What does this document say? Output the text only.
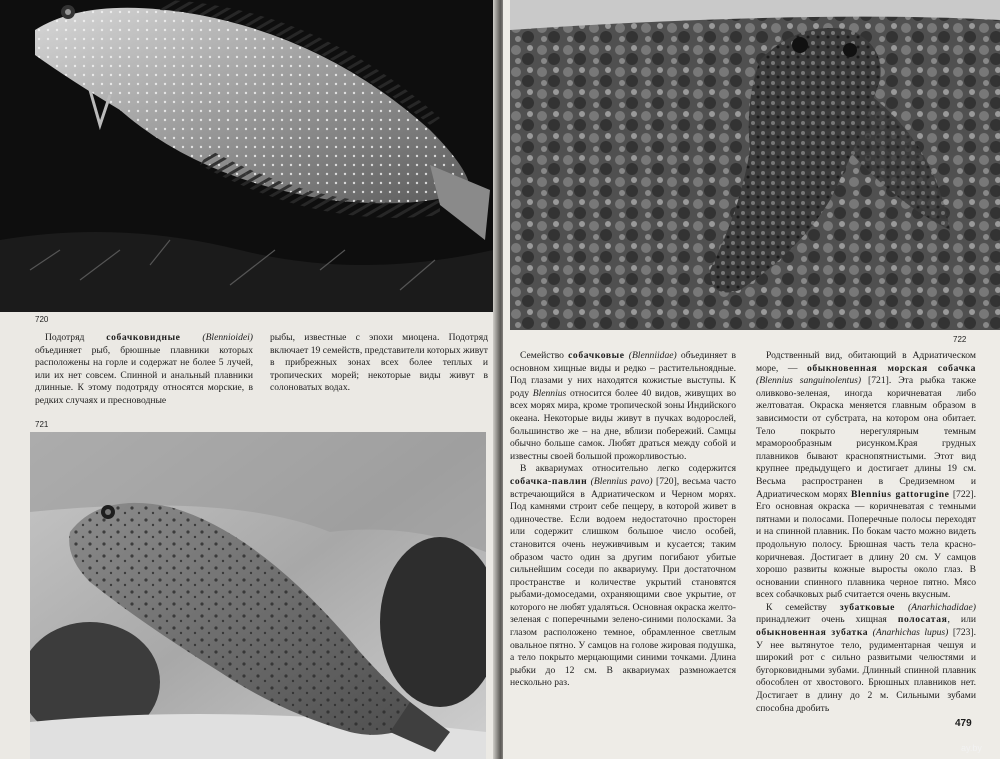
720

Подотряд собачковидные (Blennioidei) объединяет рыб, брюшные плавники которых расположены на горле и содержат не более 5 лучей, или их нет совсем. Спинной и анальный плавники длинные. К этому подотряду относятся морские, в редких случаях и пресноводные

рыбы, известные с эпохи миоцена. Подотряд включает 19 семейств, представители которых живут в прибрежных зонах всех более теплых и тропических морей; некоторые виды живут в солоноватых водах.

721
722

Семейство собачковые (Blenniidae) объединяет в основном хищные виды и редко – растительноядные. Под глазами у них находятся кожистые выступы. К роду Blennius относится более 40 видов, живущих во всех морях мира, кроме тропической зоны Индийского океана. Некоторые виды живут в пучках водорослей, большинство же – на дне, вблизи побережий. Самцы обычно больше самок. Любят драться между собой и известны своей большой прожорливостью.

В аквариумах относительно легко содержится собачка-павлин (Blennius pavo) [720], весьма часто встречающийся в Адриатическом и Черном морях. Под камнями строит себе пещеру, в которой живет в одиночестве. Если водоем недостаточно просторен или содержит слишком большое число особей, становится очень неуживчивым и кусается; таким образом часто один за другим погибают убитые сильнейшим соседи по аквариуму. При достаточном пространстве и количестве укрытий становятся рыбами-домоседами, охраняющими свое укрытие, от которого не любят удаляться. Основная окраска желто-зеленая с поперечными зелено-синими полосками. За глазом расположено темное, обрамленное светлым овальное пятно. У самцов на голове жировая подушка, а тело покрыто мерцающими синими точками. Длина рыбки до 12 см. В аквариумах размножается нескольно раз.

Родственный вид, обитающий в Адриатическом море, — обыкновенная морская собачка (Blennius sanguinolentus) [721]. Эта рыбка также оливково-зеленая, иногда коричневатая либо желтоватая. Окраска меняется главным образом в зависимости от субстрата, на котором она обитает. Тело покрыто нерегулярным темным мраморообразным рисунком.Края грудных плавников бывают краснопятнистыми. Этот вид крупнее предыдущего и достигает длины 19 см. Весьма распространен в Средиземном и Адриатическом морях Blennius gattorugine [722]. Его основная окраска — коричневатая с темными пятнами и полосами. Поперечные полосы переходят и на спинной плавник. По бокам часто можно видеть продольную полосу. Брюшная часть тела красно-коричневая. Достигает в длину 20 см. У самцов хорошо развиты кожные выросты около глаз. В основании спинного плавника черное пятно. Мясо всех собачковых рыб считается очень вкусным.

К семейству зубатковые (Anarhichadidae) принадлежит очень хищная полосатая, или обыкновенная зубатка (Anarhichas lupus) [723]. У нее вытянутое тело, рудиментарная чешуя и широкий рот с сильно развитыми челюстями и бугорковидными зубами. Длинный спинной плавник обособлен от хвостового. Брюшных плавников нет. Достигает в длину до 2 м. Сильными зубами способна дробить

479
ay.by
